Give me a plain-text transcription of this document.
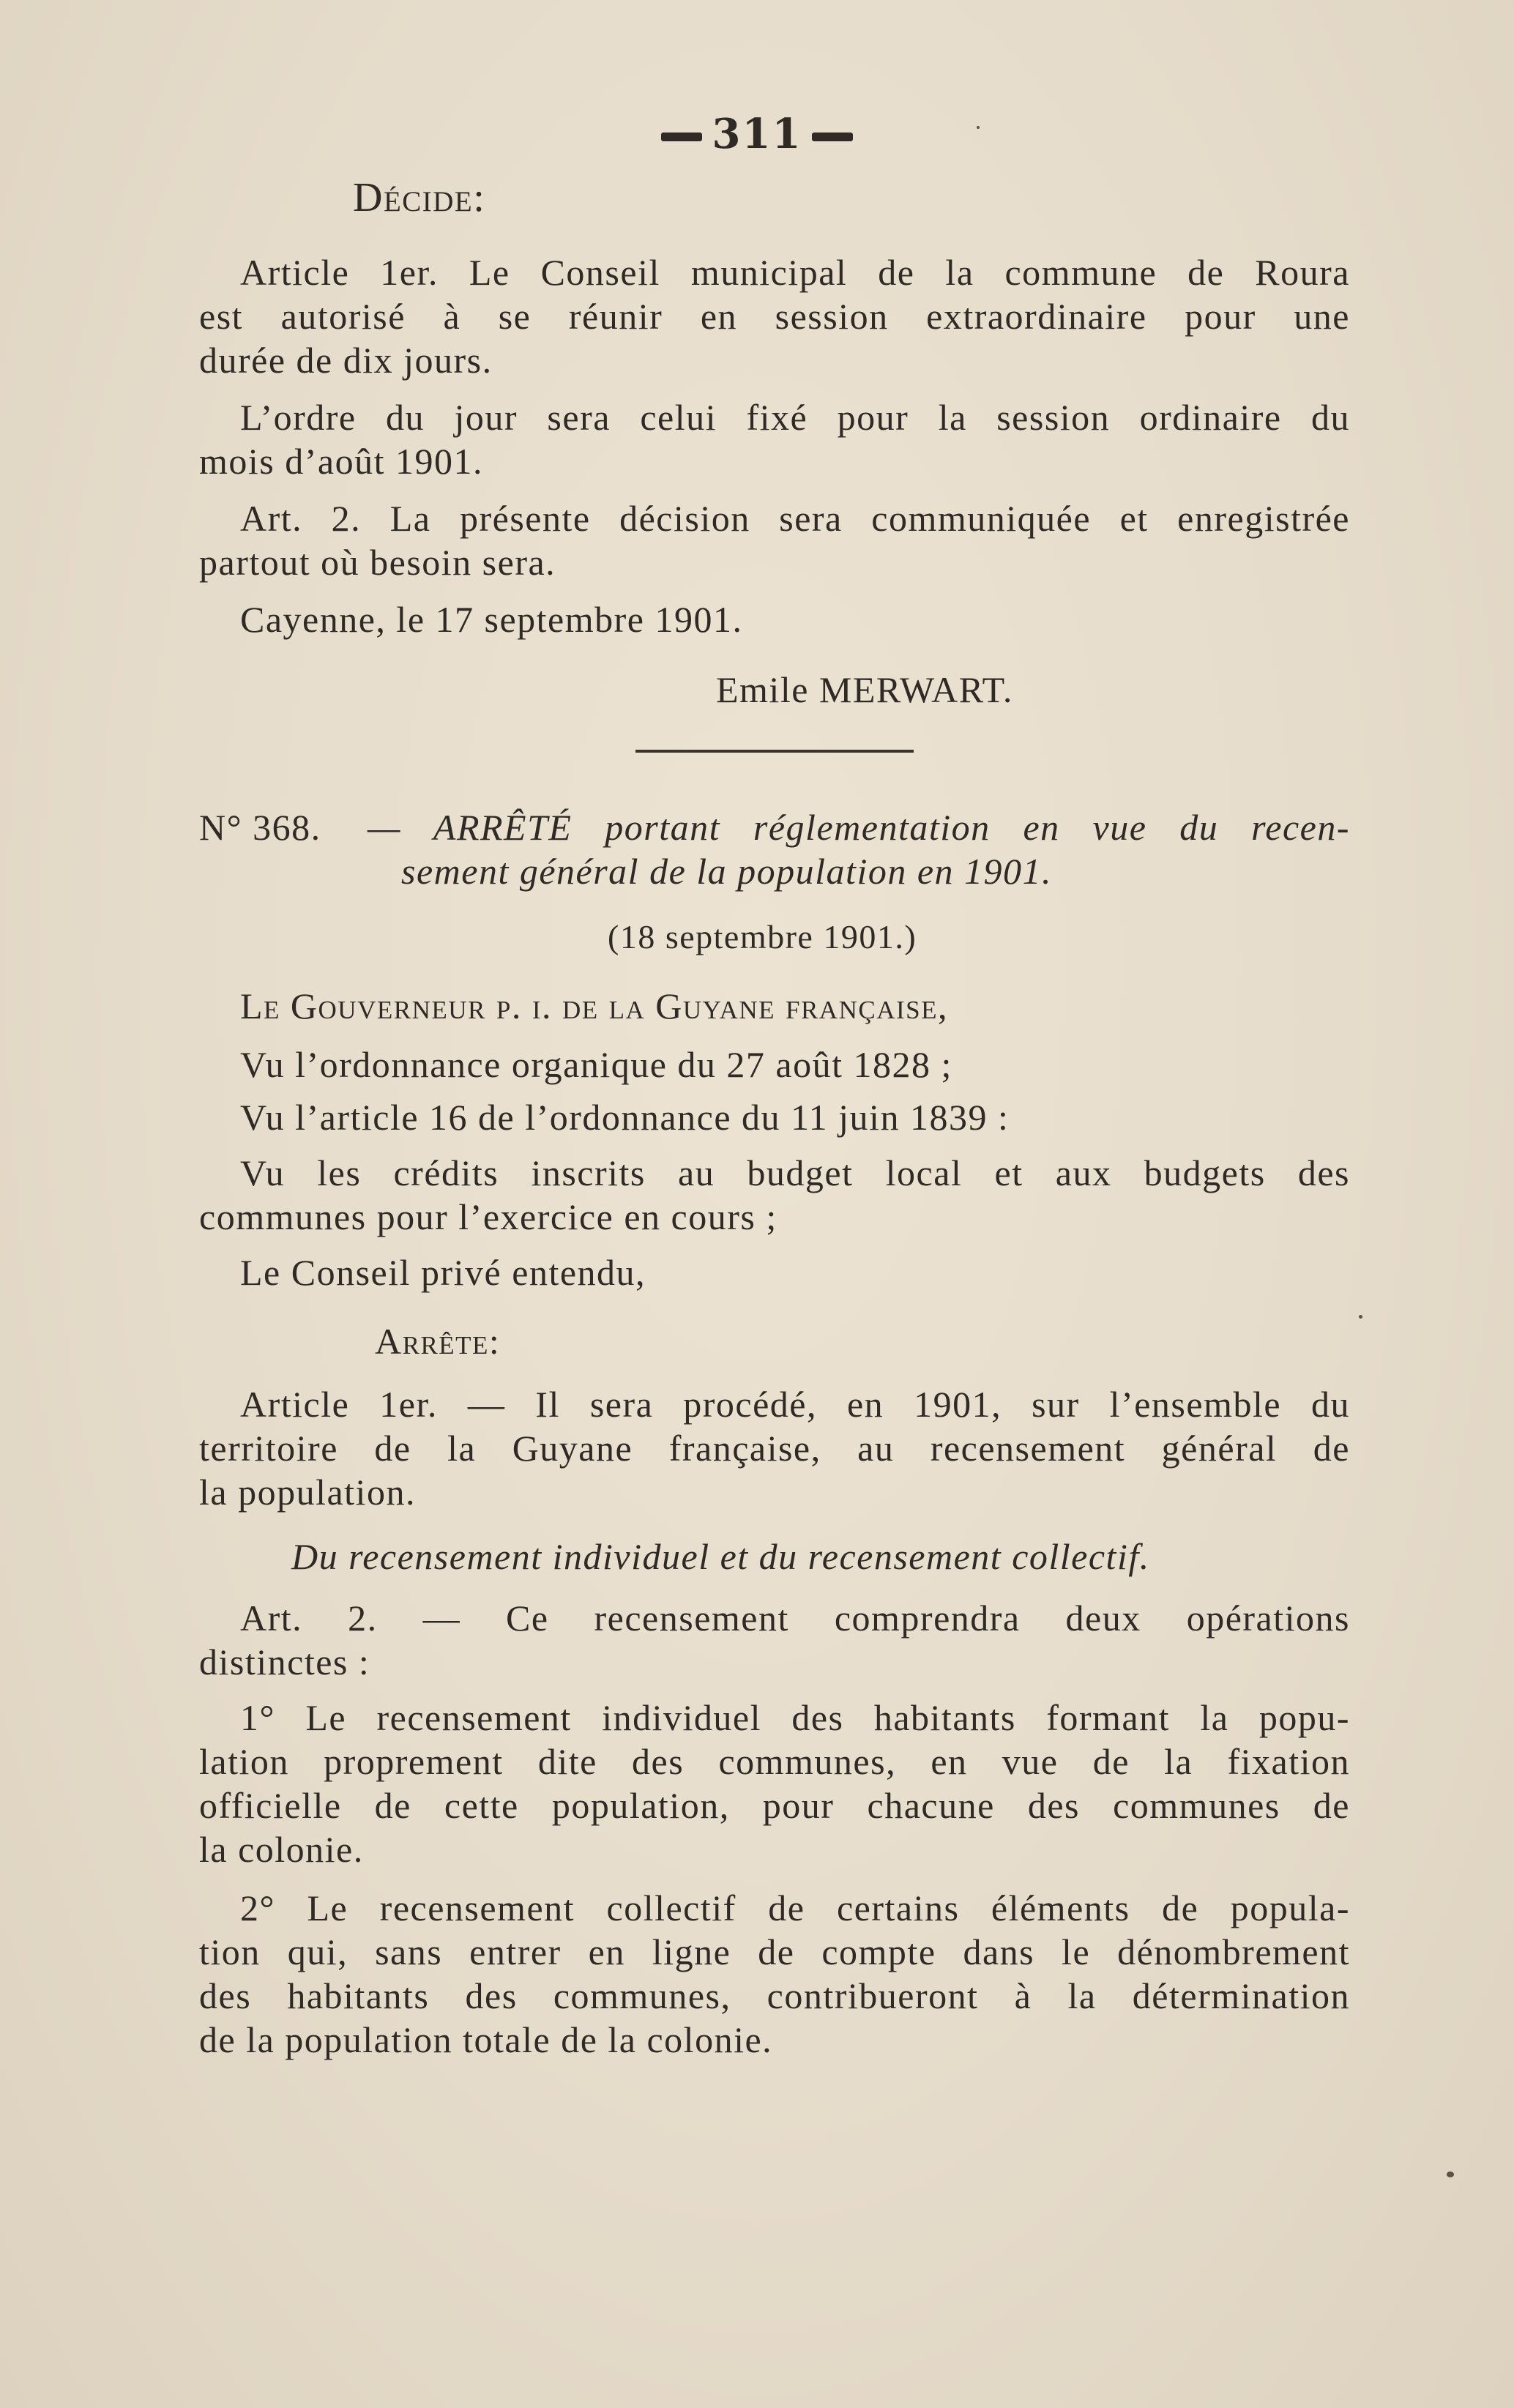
311
Décide:
Article 1er. Le Conseil municipal de la commune de Roura
est autorisé à se réunir en session extraordinaire pour une
durée de dix jours.
L’ordre du jour sera celui fixé pour la session ordinaire du
mois d’août 1901.
Art. 2. La présente décision sera communiquée et enregistrée
partout où besoin sera.
Cayenne, le 17 septembre 1901.
Emile MERWART.
N° 368. — ARRÊTÉ portant réglementation en vue du recen-
sement général de la population en 1901.
(18 septembre 1901.)
Le Gouverneur p. i. de la Guyane française,
Vu l’ordonnance organique du 27 août 1828 ;
Vu l’article 16 de l’ordonnance du 11 juin 1839 :
Vu les crédits inscrits au budget local et aux budgets des
communes pour l’exercice en cours ;
Le Conseil privé entendu,
Arrête:
Article 1er. — Il sera procédé, en 1901, sur l’ensemble du
territoire de la Guyane française, au recensement général de
la population.
Du recensement individuel et du recensement collectif.
Art. 2. — Ce recensement comprendra deux opérations
distinctes :
1° Le recensement individuel des habitants formant la popu-
lation proprement dite des communes, en vue de la fixation
officielle de cette population, pour chacune des communes de
la colonie.
2° Le recensement collectif de certains éléments de popula-
tion qui, sans entrer en ligne de compte dans le dénombrement
des habitants des communes, contribueront à la détermination
de la population totale de la colonie.
